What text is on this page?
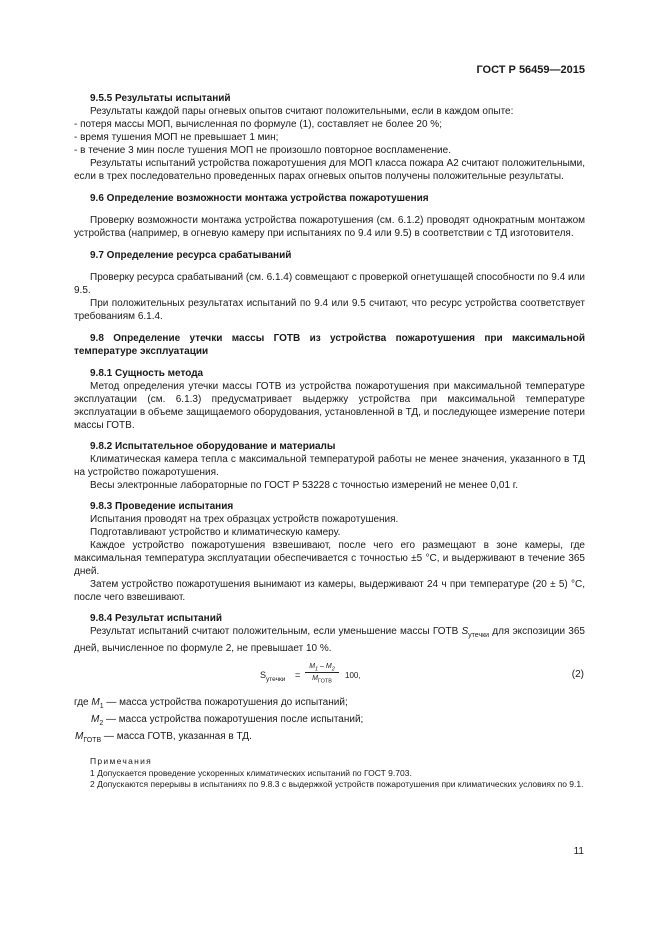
ГОСТ Р 56459—2015

9.5.5 Результаты испытаний

Результаты каждой пары огневых опытов считают положительными, если в каждом опыте:

- потеря массы МОП, вычисленная по формуле (1), составляет не более 20 %;

- время тушения МОП не превышает 1 мин;

- в течение 3 мин после тушения МОП не произошло повторное воспламенение.

Результаты испытаний устройства пожаротушения для МОП класса пожара А2 считают положительными, если в трех последовательно проведенных парах огневых опытов получены положительные результаты.

9.6 Определение возможности монтажа устройства пожаротушения

Проверку возможности монтажа устройства пожаротушения (см. 6.1.2) проводят однократным монтажом устройства (например, в огневую камеру при испытаниях по 9.4 или 9.5) в соответствии с ТД изготовителя.

9.7 Определение ресурса срабатываний

Проверку ресурса срабатываний (см. 6.1.4) совмещают с проверкой огнетушащей способности по 9.4 или 9.5.

При положительных результатах испытаний по 9.4 или 9.5 считают, что ресурс устройства соответствует требованиям 6.1.4.

9.8 Определение утечки массы ГОТВ из устройства пожаротушения при максимальной температуре эксплуатации

9.8.1 Сущность метода

Метод определения утечки массы ГОТВ из устройства пожаротушения при максимальной температуре эксплуатации (см. 6.1.3) предусматривает выдержку устройства при максимальной температуре эксплуатации в объеме защищаемого оборудования, установленной в ТД, и последующее измерение потери массы ГОТВ.

9.8.2 Испытательное оборудование и материалы

Климатическая камера тепла с максимальной температурой работы не менее значения, указанного в ТД на устройство пожаротушения.

Весы электронные лабораторные по ГОСТ Р 53228 с точностью измерений не менее 0,01 г.

9.8.3 Проведение испытания

Испытания проводят на трех образцах устройств пожаротушения.

Подготавливают устройство и климатическую камеру.

Каждое устройство пожаротушения взвешивают, после чего его размещают в зоне камеры, где максимальная температура эксплуатации обеспечивается с точностью ±5 °С, и выдерживают в течение 365 дней.

Затем устройство пожаротушения вынимают из камеры, выдерживают 24 ч при температуре (20 ± 5) °С, после чего взвешивают.

9.8.4 Результат испытаний

Результат испытаний считают положительным, если уменьшение массы ГОТВ $S_{утечки}$ для экспозиции 365 дней, вычисленное по формуле 2, не превышает 10 %.

$S_{утечки}$ =
$M_1 - M_2$
$M_{ГОТВ}$
100,	(2)

где $M_1$ — масса устройства пожаротушения до испытаний;

$M_2$ — масса устройства пожаротушения после испытаний;

$M_{ГОТВ}$ — масса ГОТВ, указанная в ТД.

Примечания

1 Допускается проведение ускоренных климатических испытаний по ГОСТ 9.703.

2 Допускаются перерывы в испытаниях по 9.8.3 с выдержкой устройств пожаротушения при климатических условиях по 9.1.

11
